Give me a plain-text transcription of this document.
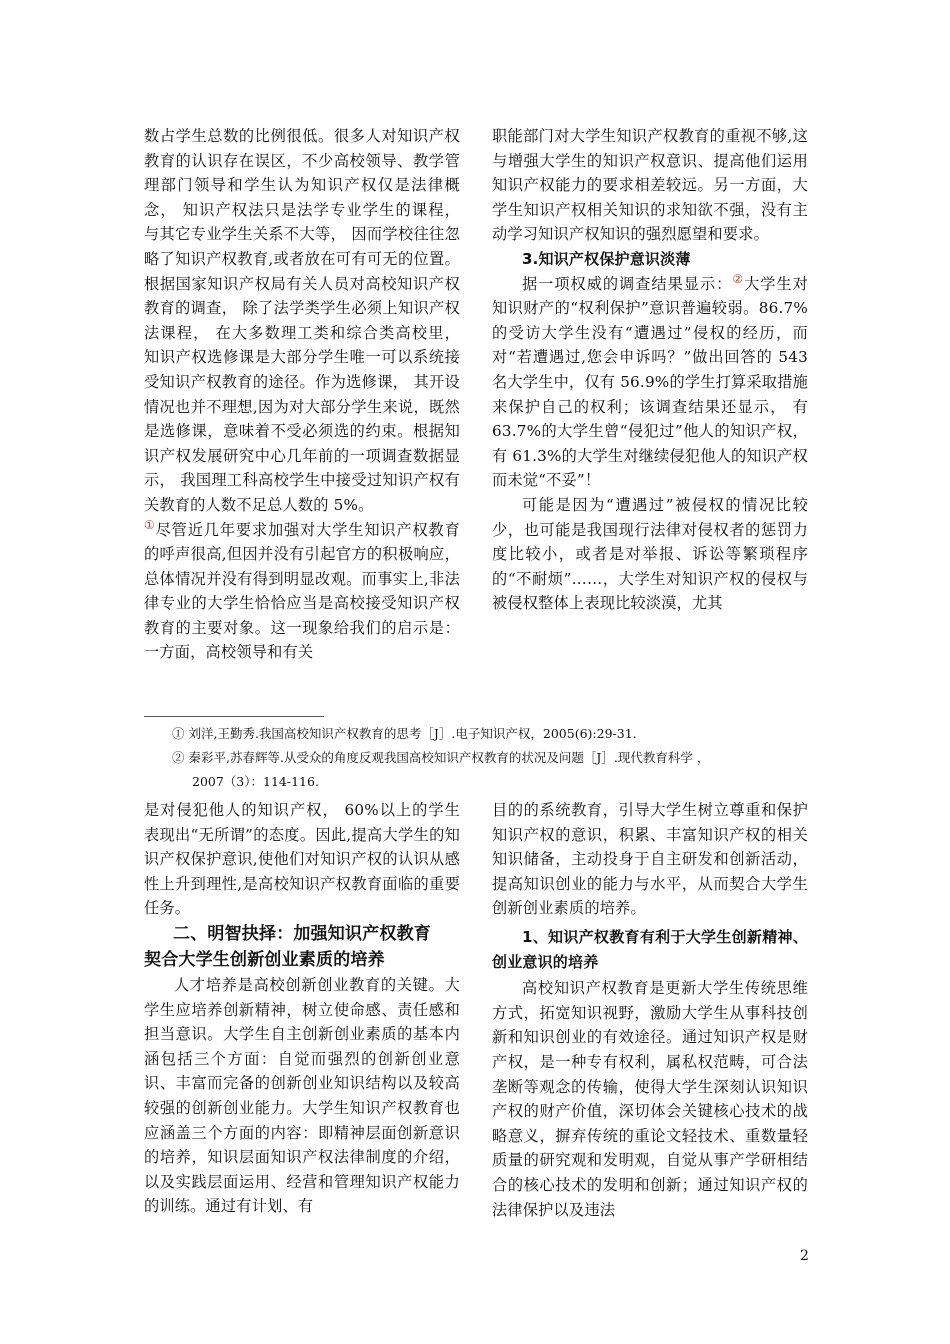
数占学生总数的比例很低。很多人对知识产权教育的认识存在误区，不少高校领导、教学管理部门领导和学生认为知识产权仅是法律概念， 知识产权法只是法学专业学生的课程， 与其它专业学生关系不大等， 因而学校往往忽略了知识产权教育,或者放在可有可无的位置。根据国家知识产权局有关人员对高校知识产权教育的调查， 除了法学类学生必须上知识产权法课程， 在大多数理工类和综合类高校里， 知识产权选修课是大部分学生唯一可以系统接受知识产权教育的途径。作为选修课， 其开设情况也并不理想,因为对大部分学生来说，既然是选修课，意味着不受必须选的约束。根据知识产权发展研究中心几年前的一项调查数据显示， 我国理工科高校学生中接受过知识产权有关教育的人数不足总人数的 5%。
①尽管近几年要求加强对大学生知识产权教育的呼声很高,但因并没有引起官方的积极响应，总体情况并没有得到明显改观。而事实上,非法律专业的大学生恰恰应当是高校接受知识产权教育的主要对象。这一现象给我们的启示是：一方面，高校领导和有关

职能部门对大学生知识产权教育的重视不够,这与增强大学生的知识产权意识、提高他们运用知识产权能力的要求相差较远。另一方面，大学生知识产权相关知识的求知欲不强，没有主动学习知识产权知识的强烈愿望和要求。

3.知识产权保护意识淡薄

据一项权威的调查结果显示：②大学生对知识财产的“权利保护”意识普遍较弱。86.7%的受访大学生没有“遭遇过”侵权的经历，而对“若遭遇过,您会申诉吗？”做出回答的 543 名大学生中，仅有 56.9%的学生打算采取措施来保护自己的权利；该调查结果还显示， 有 63.7%的大学生曾“侵犯过”他人的知识产权，有 61.3%的大学生对继续侵犯他人的知识产权而未觉“不妥”！

可能是因为“遭遇过”被侵权的情况比较少，也可能是我国现行法律对侵权者的惩罚力度比较小，或者是对举报、诉讼等繁琐程序的“不耐烦”……，大学生对知识产权的侵权与被侵权整体上表现比较淡漠，尤其

① 刘洋,王勤秀.我国高校知识产权教育的思考［J］.电子知识产权，2005(6):29-31.
② 秦彩平,苏春辉等.从受众的角度反观我国高校知识产权教育的状况及问题［J］.现代教育科学 ，
2007（3）：114-116.

是对侵犯他人的知识产权， 60%以上的学生表现出“无所谓”的态度。因此,提高大学生的知识产权保护意识,使他们对知识产权的认识从感性上升到理性,是高校知识产权教育面临的重要任务。

二、明智抉择：加强知识产权教育
契合大学生创新创业素质的培养

人才培养是高校创新创业教育的关键。大学生应培养创新精神，树立使命感、责任感和担当意识。大学生自主创新创业素质的基本内涵包括三个方面：自觉而强烈的创新创业意识、丰富而完备的创新创业知识结构以及较高较强的创新创业能力。大学生知识产权教育也应涵盖三个方面的内容：即精神层面创新意识的培养，知识层面知识产权法律制度的介绍，以及实践层面运用、经营和管理知识产权能力的训练。通过有计划、有

目的的系统教育，引导大学生树立尊重和保护知识产权的意识，积累、丰富知识产权的相关知识储备，主动投身于自主研发和创新活动，提高知识创业的能力与水平，从而契合大学生创新创业素质的培养。

1、知识产权教育有利于大学生创新精神、创业意识的培养

高校知识产权教育是更新大学生传统思维方式，拓宽知识视野，激励大学生从事科技创新和知识创业的有效途径。通过知识产权是财产权，是一种专有权利，属私权范畴，可合法垄断等观念的传输，使得大学生深刻认识知识产权的财产价值，深切体会关键核心技术的战略意义，摒弃传统的重论文轻技术、重数量轻质量的研究观和发明观，自觉从事产学研相结合的核心技术的发明和创新；通过知识产权的法律保护以及违法

2
